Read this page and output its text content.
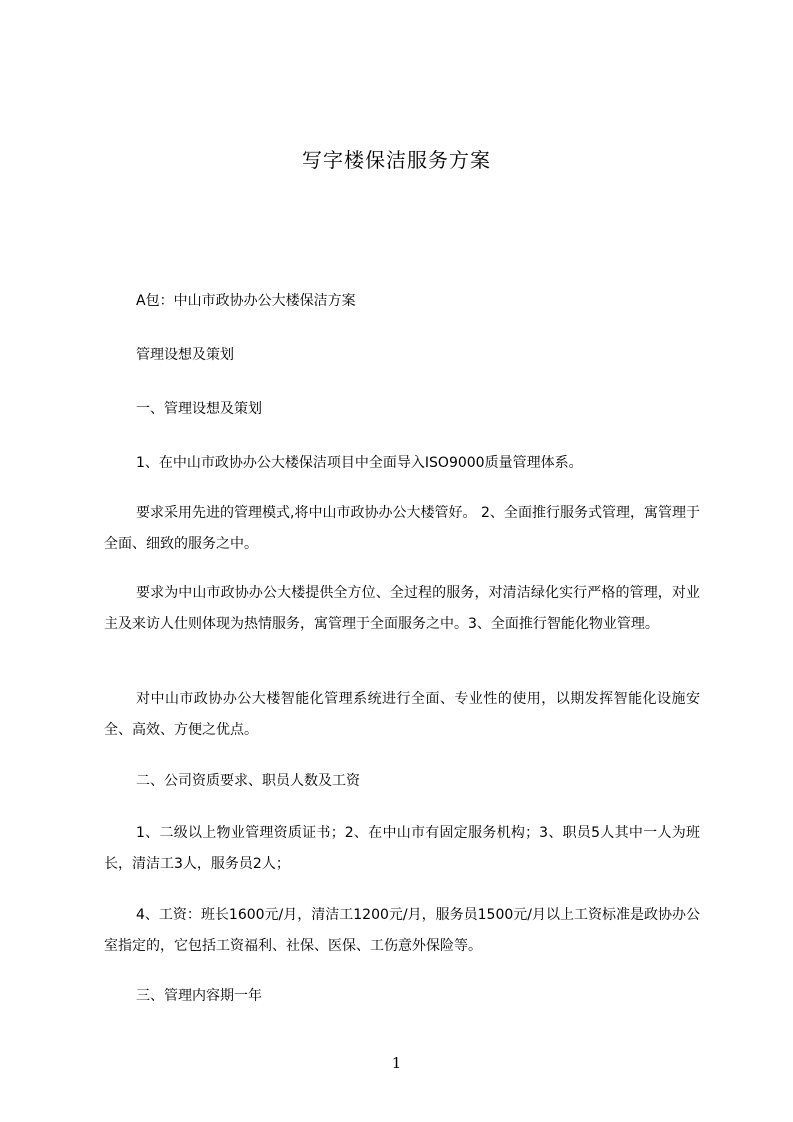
写字楼保洁服务方案
A包：中山市政协办公大楼保洁方案
管理设想及策划
一、管理设想及策划
1、在中山市政协办公大楼保洁项目中全面导入ISO9000质量管理体系。
要求采用先进的管理模式,将中山市政协办公大楼管好。 2、全面推行服务式管理，寓管理于全面、细致的服务之中。
要求为中山市政协办公大楼提供全方位、全过程的服务，对清洁绿化实行严格的管理，对业主及来访人仕则体现为热情服务，寓管理于全面服务之中。3、全面推行智能化物业管理。
对中山市政协办公大楼智能化管理系统进行全面、专业性的使用，以期发挥智能化设施安全、高效、方便之优点。
二、公司资质要求、职员人数及工资
1、二级以上物业管理资质证书；2、在中山市有固定服务机构；3、职员5人其中一人为班长，清洁工3人，服务员2人；
4、工资：班长1600元/月，清洁工1200元/月，服务员1500元/月以上工资标准是政协办公室指定的，它包括工资福利、社保、医保、工伤意外保险等。
三、管理内容期一年
1
